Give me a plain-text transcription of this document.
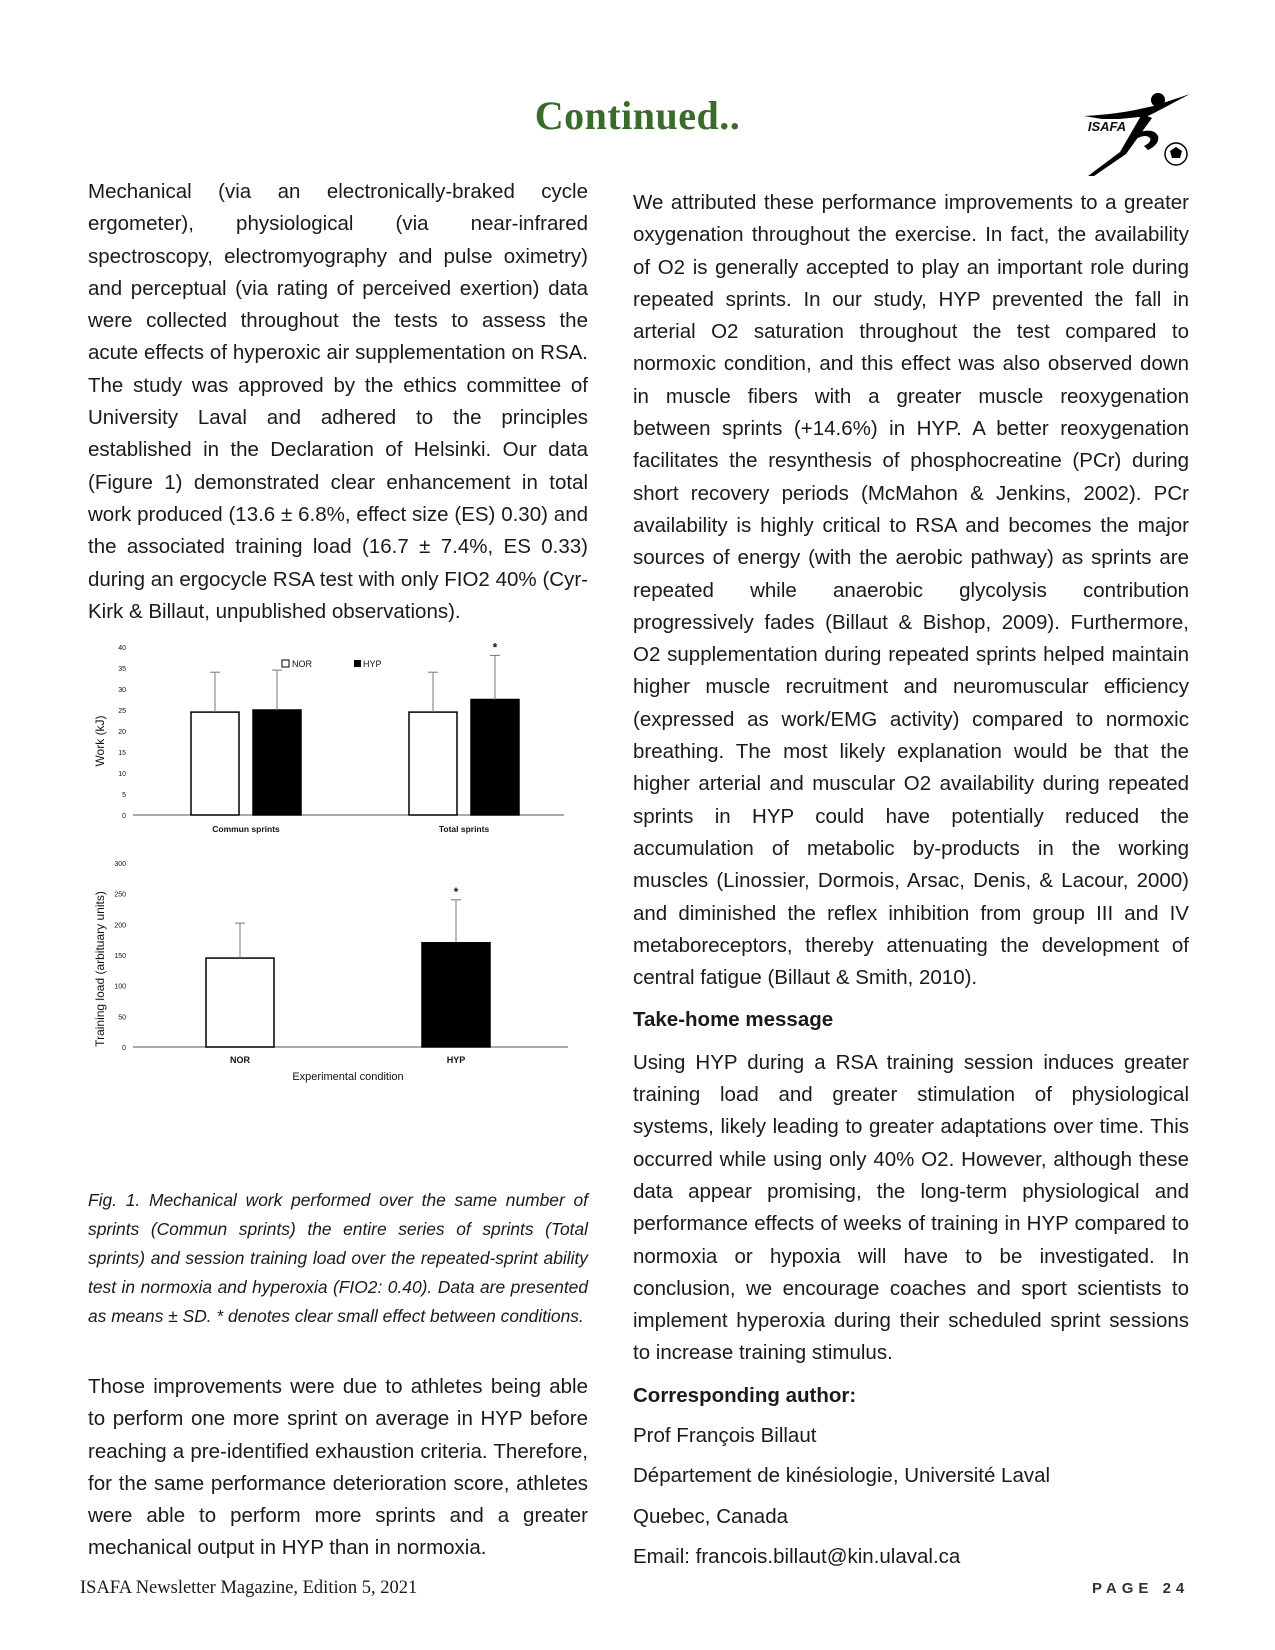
Continued..	ISAFA

Mechanical (via an electronically-braked cycle ergometer), physiological (via near-infrared spectroscopy, electromyography and pulse oximetry) and perceptual (via rating of perceived exertion) data were collected throughout the tests to assess the acute effects of hyperoxic air supplementation on RSA. The study was approved by the ethics committee of University Laval and adhered to the principles established in the Declaration of Helsinki. Our data (Figure 1) demonstrated clear enhancement in total work produced (13.6 ± 6.8%, effect size (ES) 0.30) and the associated training load (16.7 ± 7.4%, ES 0.33) during an ergocycle RSA test with only FIO2 40% (Cyr-Kirk & Billaut, unpublished observations).

0
5
10
15
20
25
30
35
40
Work (kJ)
NOR	HYP
Commun sprints	Total sprints
*
0
50
100
150
200
250
300
Training load (arbituary units)
NOR	HYP
*
Experimental condition
Fig. 1. Mechanical work performed over the same number of sprints (Commun sprints) the entire series of sprints (Total sprints) and session training load over the repeated-sprint ability test in normoxia and hyperoxia (FIO2: 0.40). Data are presented as means ± SD. * denotes clear small effect between conditions.

Those improvements were due to athletes being able to perform one more sprint on average in HYP before reaching a pre-identified exhaustion criteria. Therefore, for the same performance deterioration score, athletes were able to perform more sprints and a greater mechanical output in HYP than in normoxia.

We attributed these performance improvements to a greater oxygenation throughout the exercise. In fact, the availability of O2 is generally accepted to play an important role during repeated sprints. In our study, HYP prevented the fall in arterial O2 saturation throughout the test compared to normoxic condition, and this effect was also observed down in muscle fibers with a greater muscle reoxygenation between sprints (+14.6%) in HYP. A better reoxygenation facilitates the resynthesis of phosphocreatine (PCr) during short recovery periods (McMahon & Jenkins, 2002). PCr availability is highly critical to RSA and becomes the major sources of energy (with the aerobic pathway) as sprints are repeated while anaerobic glycolysis contribution progressively fades (Billaut & Bishop, 2009). Furthermore, O2 supplementation during repeated sprints helped maintain higher muscle recruitment and neuromuscular efficiency (expressed as work/EMG activity) compared to normoxic breathing. The most likely explanation would be that the higher arterial and muscular O2 availability during repeated sprints in HYP could have potentially reduced the accumulation of metabolic by-products in the working muscles (Linossier, Dormois, Arsac, Denis, & Lacour, 2000) and diminished the reflex inhibition from group III and IV metaboreceptors, thereby attenuating the development of central fatigue (Billaut & Smith, 2010).

Take-home message

Using HYP during a RSA training session induces greater training load and greater stimulation of physiological systems, likely leading to greater adaptations over time. This occurred while using only 40% O2. However, although these data appear promising, the long-term physiological and performance effects of weeks of training in HYP compared to normoxia or hypoxia will have to be investigated. In conclusion, we encourage coaches and sport scientists to implement hyperoxia during their scheduled sprint sessions to increase training stimulus.

Corresponding author:

Prof François Billaut

Département de kinésiologie, Université Laval

Quebec, Canada

Email: francois.billaut@kin.ulaval.ca

ISAFA Newsletter Magazine, Edition 5, 2021	PAGE 24
